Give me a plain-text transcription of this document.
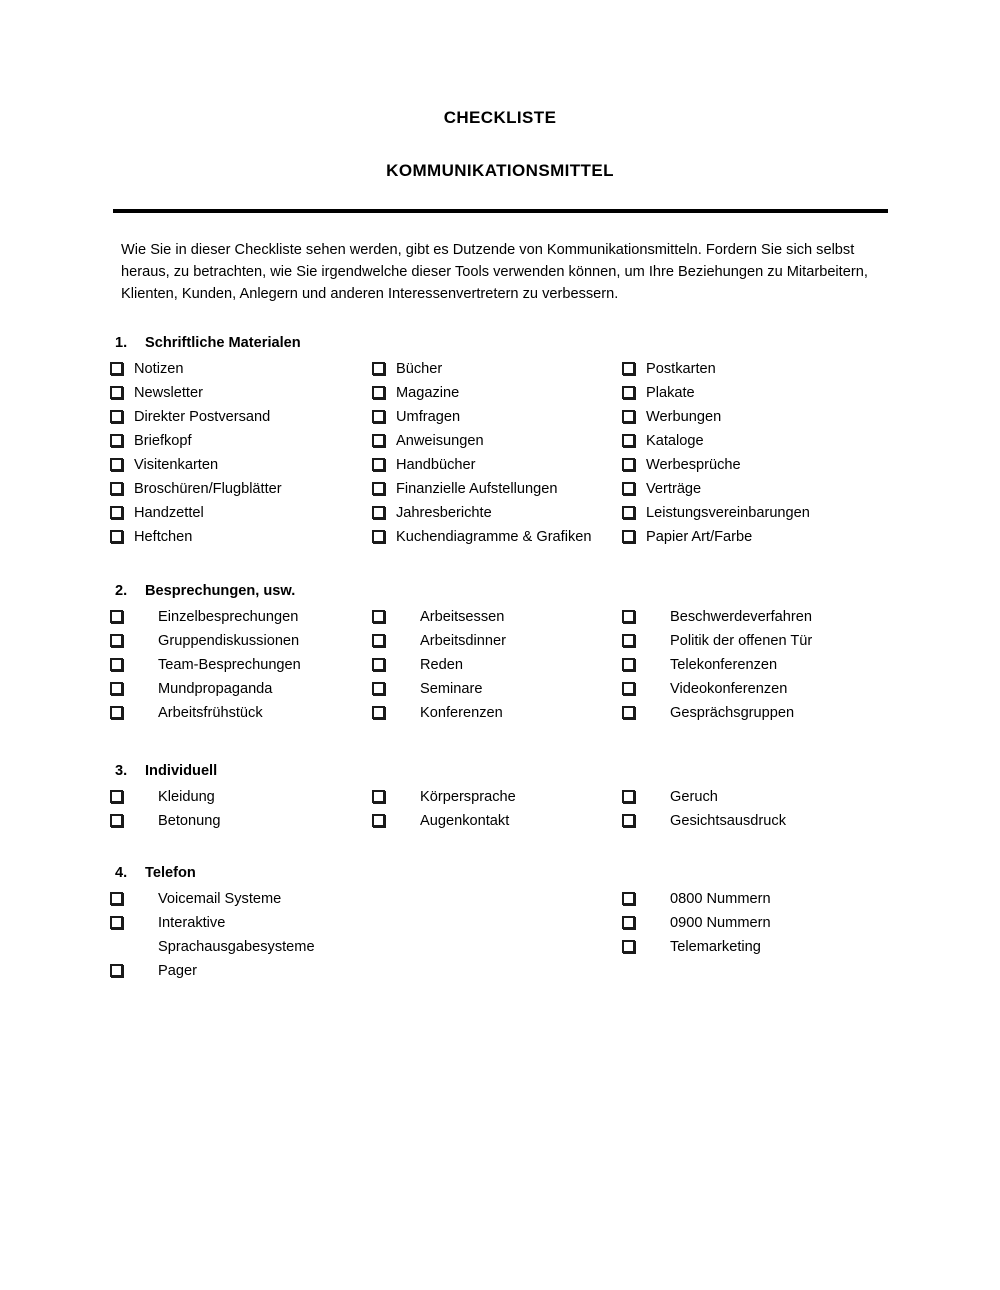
CHECKLISTE
KOMMUNIKATIONSMITTEL

Wie Sie in dieser Checkliste sehen werden, gibt es Dutzende von Kommunikationsmitteln. Fordern Sie sich selbst heraus, zu betrachten, wie Sie irgendwelche dieser Tools verwenden können, um Ihre Beziehungen zu Mitarbeitern, Klienten, Kunden, Anlegern und anderen Interessenvertretern zu verbessern.

1.	Schriftliche Materialen
Notizen
Newsletter
Direkter Postversand
Briefkopf
Visitenkarten
Broschüren/Flugblätter
Handzettel
Heftchen
Bücher
Magazine
Umfragen
Anweisungen
Handbücher
Finanzielle Aufstellungen
Jahresberichte
Kuchendiagramme & Grafiken
Postkarten
Plakate
Werbungen
Kataloge
Werbesprüche
Verträge
Leistungsvereinbarungen
Papier Art/Farbe
2.	Besprechungen, usw.
Einzelbesprechungen
Gruppendiskussionen
Team-Besprechungen
Mundpropaganda
Arbeitsfrühstück
Arbeitsessen
Arbeitsdinner
Reden
Seminare
Konferenzen
Beschwerdeverfahren
Politik der offenen Tür
Telekonferenzen
Videokonferenzen
Gesprächsgruppen
3.	Individuell
Kleidung
Betonung
Körpersprache
Augenkontakt
Geruch
Gesichtsausdruck
4.	Telefon
Voicemail Systeme
Interaktive Sprachausgabesysteme
Pager
0800 Nummern
0900 Nummern
Telemarketing
